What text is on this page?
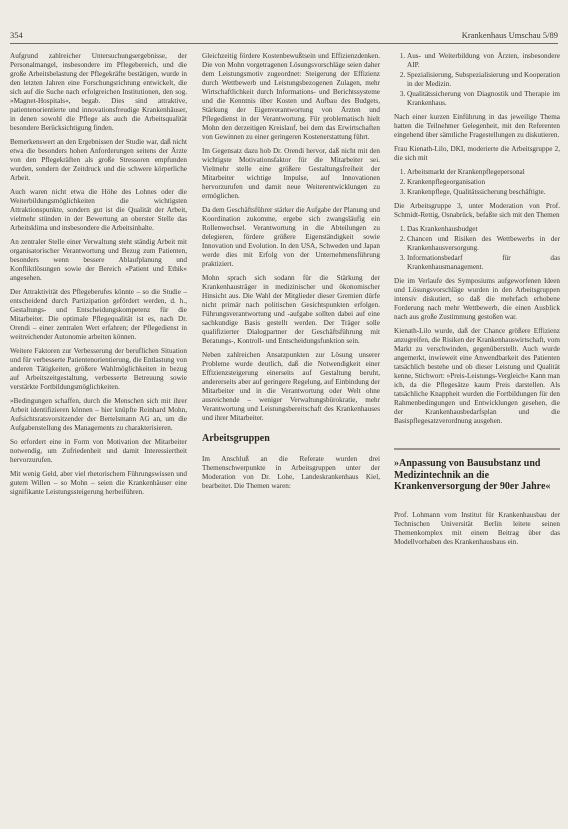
354	Krankenhaus Umschau 5/89

Aufgrund zahlreicher Untersuchungsergebnisse, der Personalmangel, insbesondere im Pflegebereich, und die große Arbeitsbelastung der Pflegekräfte bestätigen, wurde in den letzten Jahren eine Forschungsrichtung entwickelt, die sich auf die Suche nach erfolgreichen Institutionen, den sog. »Magnet-Hospitals«, begab. Dies sind attraktive, patientenorientierte und innovationsfreudige Krankenhäuser, in denen sowohl die Pflege als auch die Arbeitsqualität besondere Berücksichtigung finden.

Bemerkenswert an den Ergebnissen der Studie war, daß nicht etwa die besonders hohen Anforderungen seitens der Ärzte von den Pflegekräften als große Stressoren empfunden wurden, sondern der Zeitdruck und die schwere körperliche Arbeit.

Auch waren nicht etwa die Höhe des Lohnes oder die Weiterbildungsmöglichkeiten die wichtigsten Attraktionspunkte, sondern gut ist die Qualität der Arbeit, vielmehr stünden in der Bewertung an oberster Stelle das Arbeitsklima und insbesondere die Arbeitsinhalte.

An zentraler Stelle einer Verwaltung steht ständig Arbeit mit organisatorischer Verantwortung und Bezug zum Patienten, besonders wenn bessere Ablaufplanung und Konfliktlösungen sowie der Bereich »Patient und Ethik« angesehen.

Der Attraktivität des Pflegeberufes könnte – so die Studie – entscheidend durch Partizipation gefördert werden, d. h., Gestaltungs- und Entscheidungskompetenz für die Mitarbeiter. Die optimale Pflegequalität ist es, nach Dr. Orendi – einer zentralen Wert erfahren; der Pflegedienst in weitreichender Autonomie arbeiten können.

Weitere Faktoren zur Verbesserung der beruflichen Situation und für verbesserte Patientenorientierung, die Entlastung von anderen Tätigkeiten, größere Wahlmöglichkeiten in bezug auf Arbeitszeitgestaltung, verbesserte Betreuung sowie verstärkte Fortbildungsmöglichkeiten.

»Bedingungen schaffen, durch die Menschen sich mit ihrer Arbeit identifizieren können – hier knüpfte Reinhard Mohn, Aufsichtsratsvorsitzender der Bertelsmann AG an, um die Aufgabenstellung des Managements zu charakterisieren.

So erfordert eine in Form von Motivation der Mitarbeiter notwendig, um Zufriedenheit und damit Interessiertheit hervorzurufen.

Mit wenig Geld, aber viel rhetorischem Führungswissen und gutem Willen – so Mohn – seien die Krankenhäuser eine signifikante Leistungssteigerung herbeiführen.

Gleichzeitig fördere Kostenbewußtsein und Effizienzdenken. Die von Mohn vorgetragenen Lösungsvorschläge seien daher dem Leistungsmotiv zugeordnet: Steigerung der Effizienz durch Wettbewerb und Leistungsbezogenen Zulagen, mehr Wirtschaftlichkeit durch Informations- und Berichtssysteme und die Kenntnis über Kosten und Aufbau des Budgets, Stärkung der Eigenverantwortung von Ärzten und Pflegedienst in der Verantwortung. Für problematisch hielt Mohn den derzeitigen Kreislauf, bei dem das Erwirtschaften von Gewinnen zu einer geringeren Kostenerstattung führt.

Im Gegensatz dazu hob Dr. Orendi hervor, daß nicht mit den wichtigste Motivationsfaktor für die Mitarbeiter sei. Vielmehr stelle eine größere Gestaltungsfreiheit der Mitarbeiter wichtige Impulse, auf Innovationen hervorzurufen und damit neue Weiterentwicklungen zu ermöglichen.

Da dem Geschäftsführer stärker die Aufgabe der Planung und Koordination zukomme, ergebe sich zwangsläufig ein Rollenwechsel. Verantwortung in die Abteilungen zu delegieren, fördere größere Eigenständigkeit sowie Innovation und Evolution. In den USA, Schweden und Japan werde dies mit Erfolg von der Unternehmensführung praktiziert.

Mohn sprach sich sodann für die Stärkung der Krankenhausträger in medizinischer und ökonomischer Hinsicht aus. Die Wahl der Mitglieder dieser Gremien dürfe nicht primär nach politischen Gesichtspunkten erfolgen. Führungsverantwortung und -aufgabe sollten dabei auf eine sachkundige Basis gestellt werden. Der Träger solle qualifizierter Dialogpartner der Geschäftsführung mit Beratungs-, Kontroll- und Entscheidungsfunktion sein.

Neben zahlreichen Ansatzpunkten zur Lösung unserer Probleme wurde deutlich, daß die Notwendigkeit einer Effizienzsteigerung einerseits auf Gestaltung beruht, andererseits aber auf geringere Regelung, auf Einbindung der Mitarbeiter und in die Verantwortung oder Welt ohne ausreichende – weniger Verwaltungsbürokratie, mehr Verantwortung und Leistungsbereitschaft des Krankenhauses und ihrer Mitarbeiter.

Arbeitsgruppen

Im Anschluß an die Referate wurden drei Themenschwerpunkte in Arbeitsgruppen unter der Moderation von Dr. Lohe, Landeskrankenhaus Kiel, bearbeitet. Die Themen waren:

1. Aus- und Weiterbildung von Ärzten, insbesondere AIP.
2. Spezialisierung, Subspezialisierung und Kooperation in der Medizin.
3. Qualitätssicherung von Diagnostik und Therapie im Krankenhaus.

Nach einer kurzen Einführung in das jeweilige Thema hatten die Teilnehmer Gelegenheit, mit den Referenten eingehend über sämtliche Fragestellungen zu diskutieren.

Frau Kienath-Lilo, DKI, moderierte die Arbeitsgruppe 2, die sich mit

1. Arbeitsmarkt der Krankenpflegepersonal
2. Krankenpflegeorganisation
3. Krankenpflege, Qualitätssicherung beschäftigte.

Die Arbeitsgruppe 3, unter Moderation von Prof. Schmidt-Rettig, Osnabrück, befaßte sich mit den Themen

1. Das Krankenhausbudget
2. Chancen und Risiken des Wettbewerbs in der Krankenhausversorgung.
3. Informationsbedarf für das Krankenhausmanagement.

Die im Verlaufe des Symposiums aufgeworfenen Ideen und Lösungsvorschläge wurden in den Arbeitsgruppen intensiv diskutiert, so daß die mehrfach erhobene Forderung nach mehr Wettbewerb, die einen Ausblick nach aus große Zustimmung gestoßen war.

Kienath-Lilo wurde, daß der Chance größere Effizienz anzugreifen, die Risiken der Krankenhauswirtschaft, vom Markt zu verschwinden, gegenüberstellt. Auch wurde angemerkt, inwieweit eine Anwendbarkeit des Patienten tatsächlich bestehe und ob dieser Leistung und Qualität kenne, Stichwort: »Preis-Leistungs-Vergleich« Kann man ich, da die Pflegesätze kaum Preis darstellen. Als tatsächliche Knappheit wurden die Fortbildungen für den Rahmenbedingungen und Entwicklungen gesehen, die der Krankenhausbedarfsplan und die Basispflegesatzverordnung ausgehen.

»Anpassung von Bausubstanz und Medizintechnik an die Krankenversorgung der 90er Jahre«

Prof. Lohmann vom Institut für Krankenhausbau der Technischen Universität Berlin leitete seinen Themenkomplex mit einem Beitrag über das Modellvorhaben des Krankenhausbaus ein.
